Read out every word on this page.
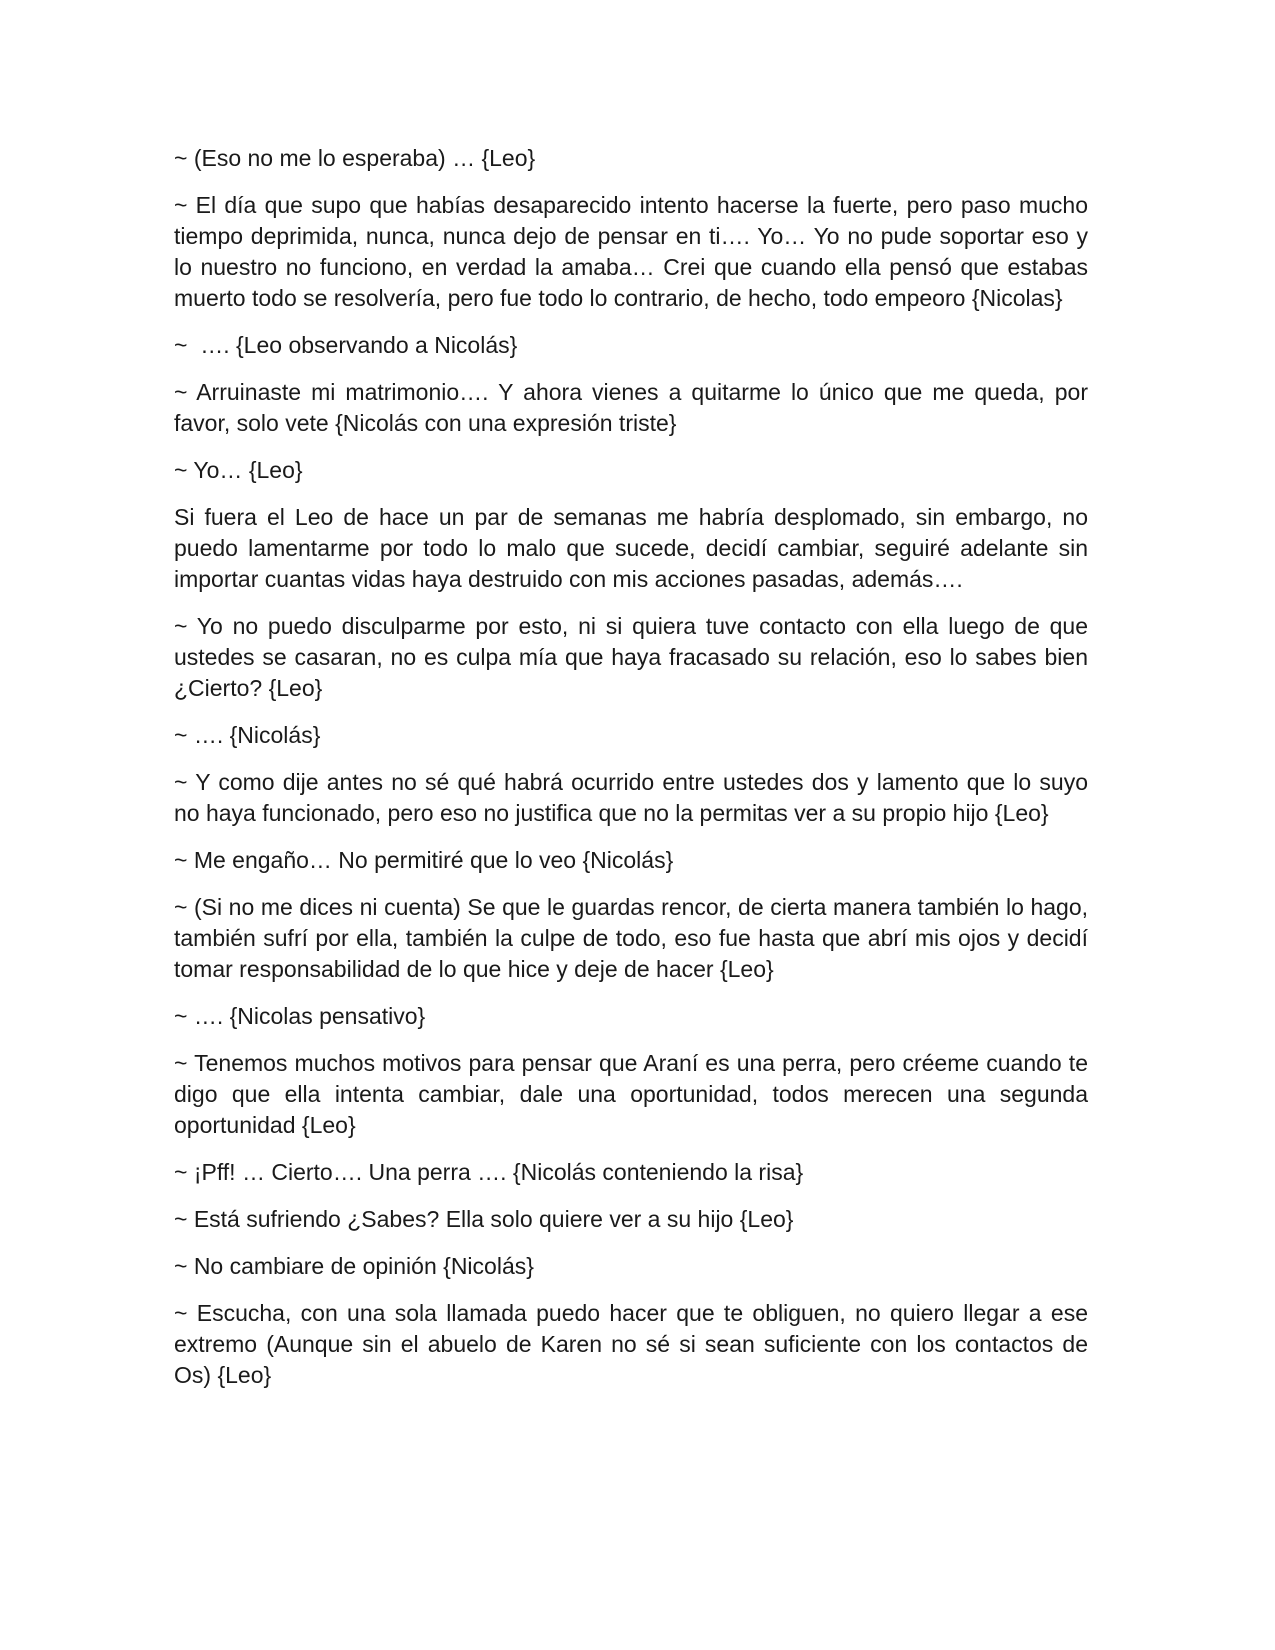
~ (Eso no me lo esperaba) … {Leo}

~ El día que supo que habías desaparecido intento hacerse la fuerte, pero paso mucho tiempo deprimida, nunca, nunca dejo de pensar en ti…. Yo… Yo no pude soportar eso y lo nuestro no funciono, en verdad la amaba… Crei que cuando ella pensó que estabas muerto todo se resolvería, pero fue todo lo contrario, de hecho, todo empeoro {Nicolas}

~  …. {Leo observando a Nicolás}

~ Arruinaste mi matrimonio…. Y ahora vienes a quitarme lo único que me queda, por favor, solo vete {Nicolás con una expresión triste}

~ Yo… {Leo}

Si fuera el Leo de hace un par de semanas me habría desplomado, sin embargo, no puedo lamentarme por todo lo malo que sucede, decidí cambiar, seguiré adelante sin importar cuantas vidas haya destruido con mis acciones pasadas, además….

~ Yo no puedo disculparme por esto, ni si quiera tuve contacto con ella luego de que ustedes se casaran, no es culpa mía que haya fracasado su relación, eso lo sabes bien ¿Cierto? {Leo}

~ …. {Nicolás}

~ Y como dije antes no sé qué habrá ocurrido entre ustedes dos y lamento que lo suyo no haya funcionado, pero eso no justifica que no la permitas ver a su propio hijo {Leo}

~ Me engaño… No permitiré que lo veo {Nicolás}

~ (Si no me dices ni cuenta) Se que le guardas rencor, de cierta manera también lo hago, también sufrí por ella, también la culpe de todo, eso fue hasta que abrí mis ojos y decidí tomar responsabilidad de lo que hice y deje de hacer {Leo}

~ …. {Nicolas pensativo}

~ Tenemos muchos motivos para pensar que Araní es una perra, pero créeme cuando te digo que ella intenta cambiar, dale una oportunidad, todos merecen una segunda oportunidad {Leo}

~ ¡Pff! … Cierto…. Una perra …. {Nicolás conteniendo la risa}

~ Está sufriendo ¿Sabes? Ella solo quiere ver a su hijo {Leo}

~ No cambiare de opinión {Nicolás}

~ Escucha, con una sola llamada puedo hacer que te obliguen, no quiero llegar a ese extremo (Aunque sin el abuelo de Karen no sé si sean suficiente con los contactos de Os) {Leo}
